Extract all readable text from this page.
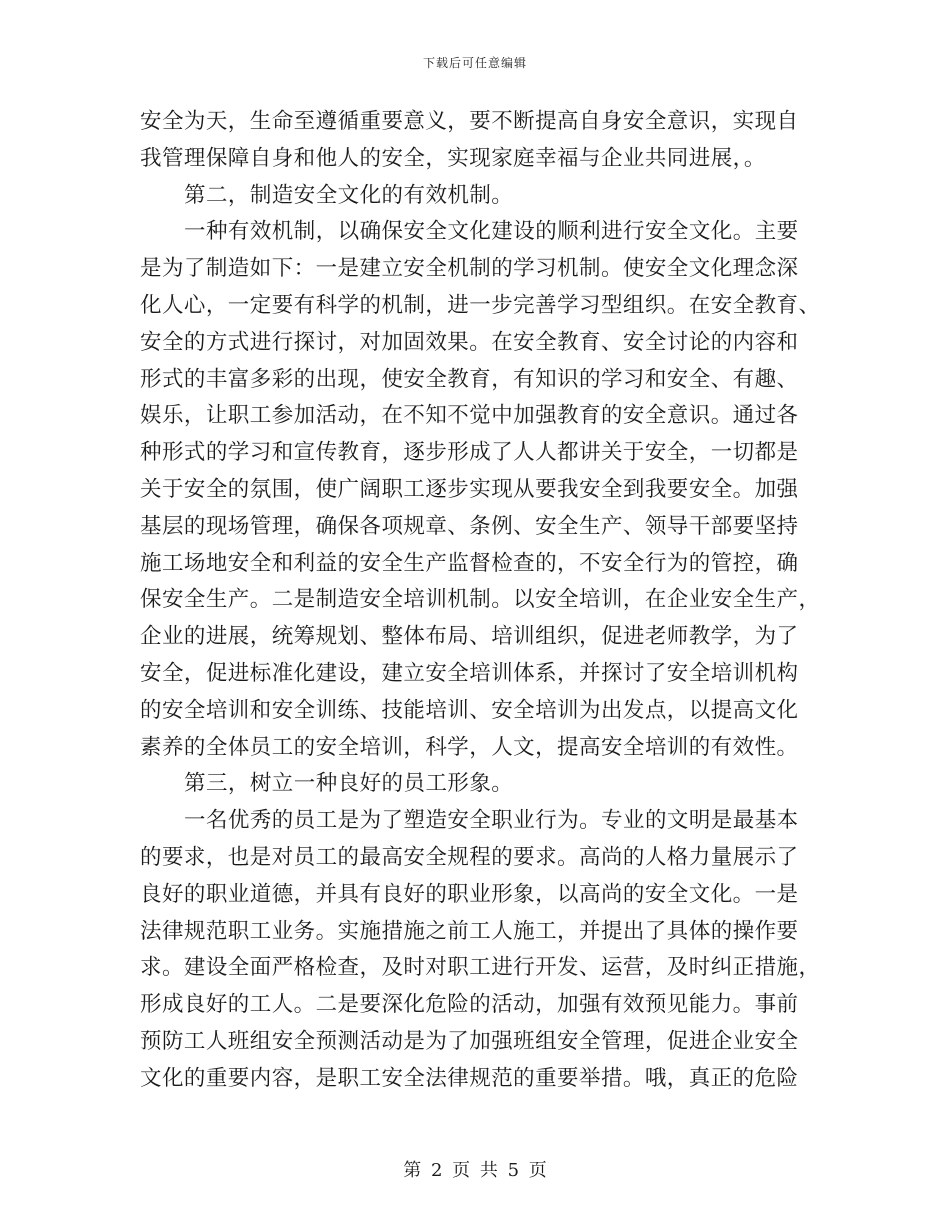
下载后可任意编辑
安全为天，生命至遵循重要意义，要不断提高自身安全意识，实现自
我管理保障自身和他人的安全，实现家庭幸福与企业共同进展，。
第二，制造安全文化的有效机制。
一种有效机制，以确保安全文化建设的顺利进行安全文化。主要
是为了制造如下：一是建立安全机制的学习机制。使安全文化理念深
化人心，一定要有科学的机制，进一步完善学习型组织。在安全教育、
安全的方式进行探讨，对加固效果。在安全教育、安全讨论的内容和
形式的丰富多彩的出现，使安全教育，有知识的学习和安全、有趣、
娱乐，让职工参加活动，在不知不觉中加强教育的安全意识。通过各
种形式的学习和宣传教育，逐步形成了人人都讲关于安全，一切都是
关于安全的氛围，使广阔职工逐步实现从要我安全到我要安全。加强
基层的现场管理，确保各项规章、条例、安全生产、领导干部要坚持
施工场地安全和利益的安全生产监督检查的，不安全行为的管控，确
保安全生产。二是制造安全培训机制。以安全培训，在企业安全生产，
企业的进展，统筹规划、整体布局、培训组织，促进老师教学，为了
安全，促进标准化建设，建立安全培训体系，并探讨了安全培训机构
的安全培训和安全训练、技能培训、安全培训为出发点，以提高文化
素养的全体员工的安全培训，科学，人文，提高安全培训的有效性。
第三，树立一种良好的员工形象。
一名优秀的员工是为了塑造安全职业行为。专业的文明是最基本
的要求，也是对员工的最高安全规程的要求。高尚的人格力量展示了
良好的职业道德，并具有良好的职业形象，以高尚的安全文化。一是
法律规范职工业务。实施措施之前工人施工，并提出了具体的操作要
求。建设全面严格检查，及时对职工进行开发、运营，及时纠正措施，
形成良好的工人。二是要深化危险的活动，加强有效预见能力。事前
预防工人班组安全预测活动是为了加强班组安全管理，促进企业安全
文化的重要内容，是职工安全法律规范的重要举措。哦，真正的危险
第 2 页 共 5 页
